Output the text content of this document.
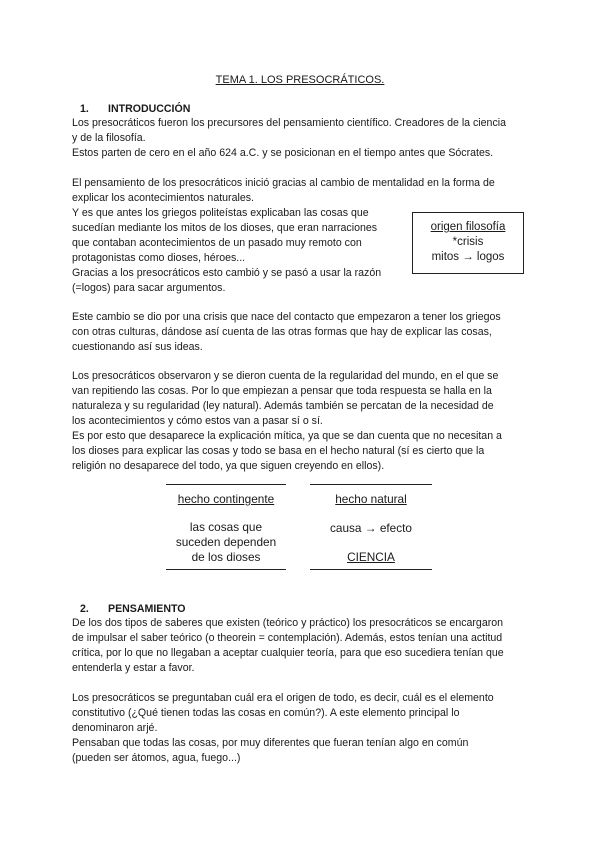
TEMA 1. LOS PRESOCRÁTICOS.
1. INTRODUCCIÓN
Los presocráticos fueron los precursores del pensamiento científico. Creadores de la ciencia
y de la filosofía.
Estos parten de cero en el año 624 a.C. y se posicionan en el tiempo antes que Sócrates.
El pensamiento de los presocráticos inició gracias al cambio de mentalidad en la forma de
explicar los acontecimientos naturales.
Y es que antes los griegos politeístas explicaban las cosas que
sucedían mediante los mitos de los dioses, que eran narraciones
que contaban acontecimientos de un pasado muy remoto con
protagonistas como dioses, héroes...
Gracias a los presocráticos esto cambió y se pasó a usar la razón
(=logos) para sacar argumentos.
origen filosofía
*crisis
mitos → logos
Este cambio se dio por una crisis que nace del contacto que empezaron a tener los griegos
con otras culturas, dándose así cuenta de las otras formas que hay de explicar las cosas,
cuestionando así sus ideas.
Los presocráticos observaron y se dieron cuenta de la regularidad del mundo, en el que se
van repitiendo las cosas. Por lo que empiezan a pensar que toda respuesta se halla en la
naturaleza y su regularidad (ley natural). Además también se percatan de la necesidad de
los acontecimientos y cómo estos van a pasar sí o sí.
Es por esto que desaparece la explicación mítica, ya que se dan cuenta que no necesitan a
los dioses para explicar las cosas y todo se basa en el hecho natural (sí es cierto que la
religión no desaparece del todo, ya que siguen creyendo en ellos).
hecho contingente	hecho natural
las cosas que
suceden dependen
de los dioses
causa → efecto
CIENCIA
2. PENSAMIENTO
De los dos tipos de saberes que existen (teórico y práctico) los presocráticos se encargaron
de impulsar el saber teórico (o theorein = contemplación). Además, estos tenían una actitud
crítica, por lo que no llegaban a aceptar cualquier teoría, para que eso sucediera tenían que
entenderla y estar a favor.
Los presocráticos se preguntaban cuál era el origen de todo, es decir, cuál es el elemento
constitutivo (¿Qué tienen todas las cosas en común?). A este elemento principal lo
denominaron arjé.
Pensaban que todas las cosas, por muy diferentes que fueran tenían algo en común
(pueden ser átomos, agua, fuego...)
